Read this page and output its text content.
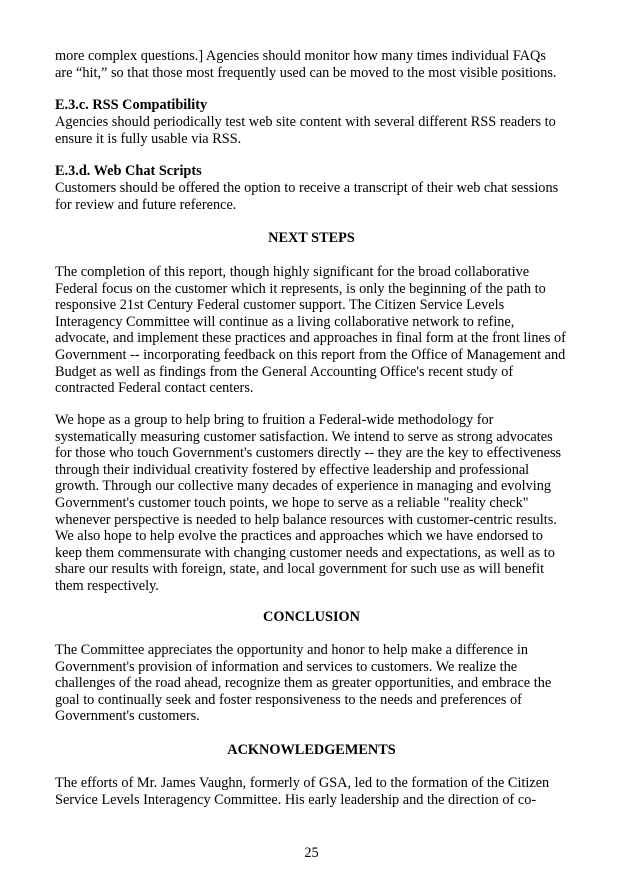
more complex questions.] Agencies should monitor how many times individual FAQs
are “hit,” so that those most frequently used can be moved to the most visible positions.
E.3.c. RSS Compatibility
Agencies should periodically test web site content with several different RSS readers to
ensure it is fully usable via RSS.
E.3.d. Web Chat Scripts
Customers should be offered the option to receive a transcript of their web chat sessions
for review and future reference.
NEXT STEPS
The completion of this report, though highly significant for the broad collaborative
Federal focus on the customer which it represents, is only the beginning of the path to
responsive 21st Century Federal customer support. The Citizen Service Levels
Interagency Committee will continue as a living collaborative network to refine,
advocate, and implement these practices and approaches in final form at the front lines of
Government -- incorporating feedback on this report from the Office of Management and
Budget as well as findings from the General Accounting Office's recent study of
contracted Federal contact centers.
We hope as a group to help bring to fruition a Federal-wide methodology for
systematically measuring customer satisfaction. We intend to serve as strong advocates
for those who touch Government's customers directly -- they are the key to effectiveness
through their individual creativity fostered by effective leadership and professional
growth. Through our collective many decades of experience in managing and evolving
Government's customer touch points, we hope to serve as a reliable "reality check"
whenever perspective is needed to help balance resources with customer-centric results.
We also hope to help evolve the practices and approaches which we have endorsed to
keep them commensurate with changing customer needs and expectations, as well as to
share our results with foreign, state, and local government for such use as will benefit
them respectively.
CONCLUSION
The Committee appreciates the opportunity and honor to help make a difference in
Government's provision of information and services to customers. We realize the
challenges of the road ahead, recognize them as greater opportunities, and embrace the
goal to continually seek and foster responsiveness to the needs and preferences of
Government's customers.
ACKNOWLEDGEMENTS
The efforts of Mr. James Vaughn, formerly of GSA, led to the formation of the Citizen
Service Levels Interagency Committee. His early leadership and the direction of co-
25
